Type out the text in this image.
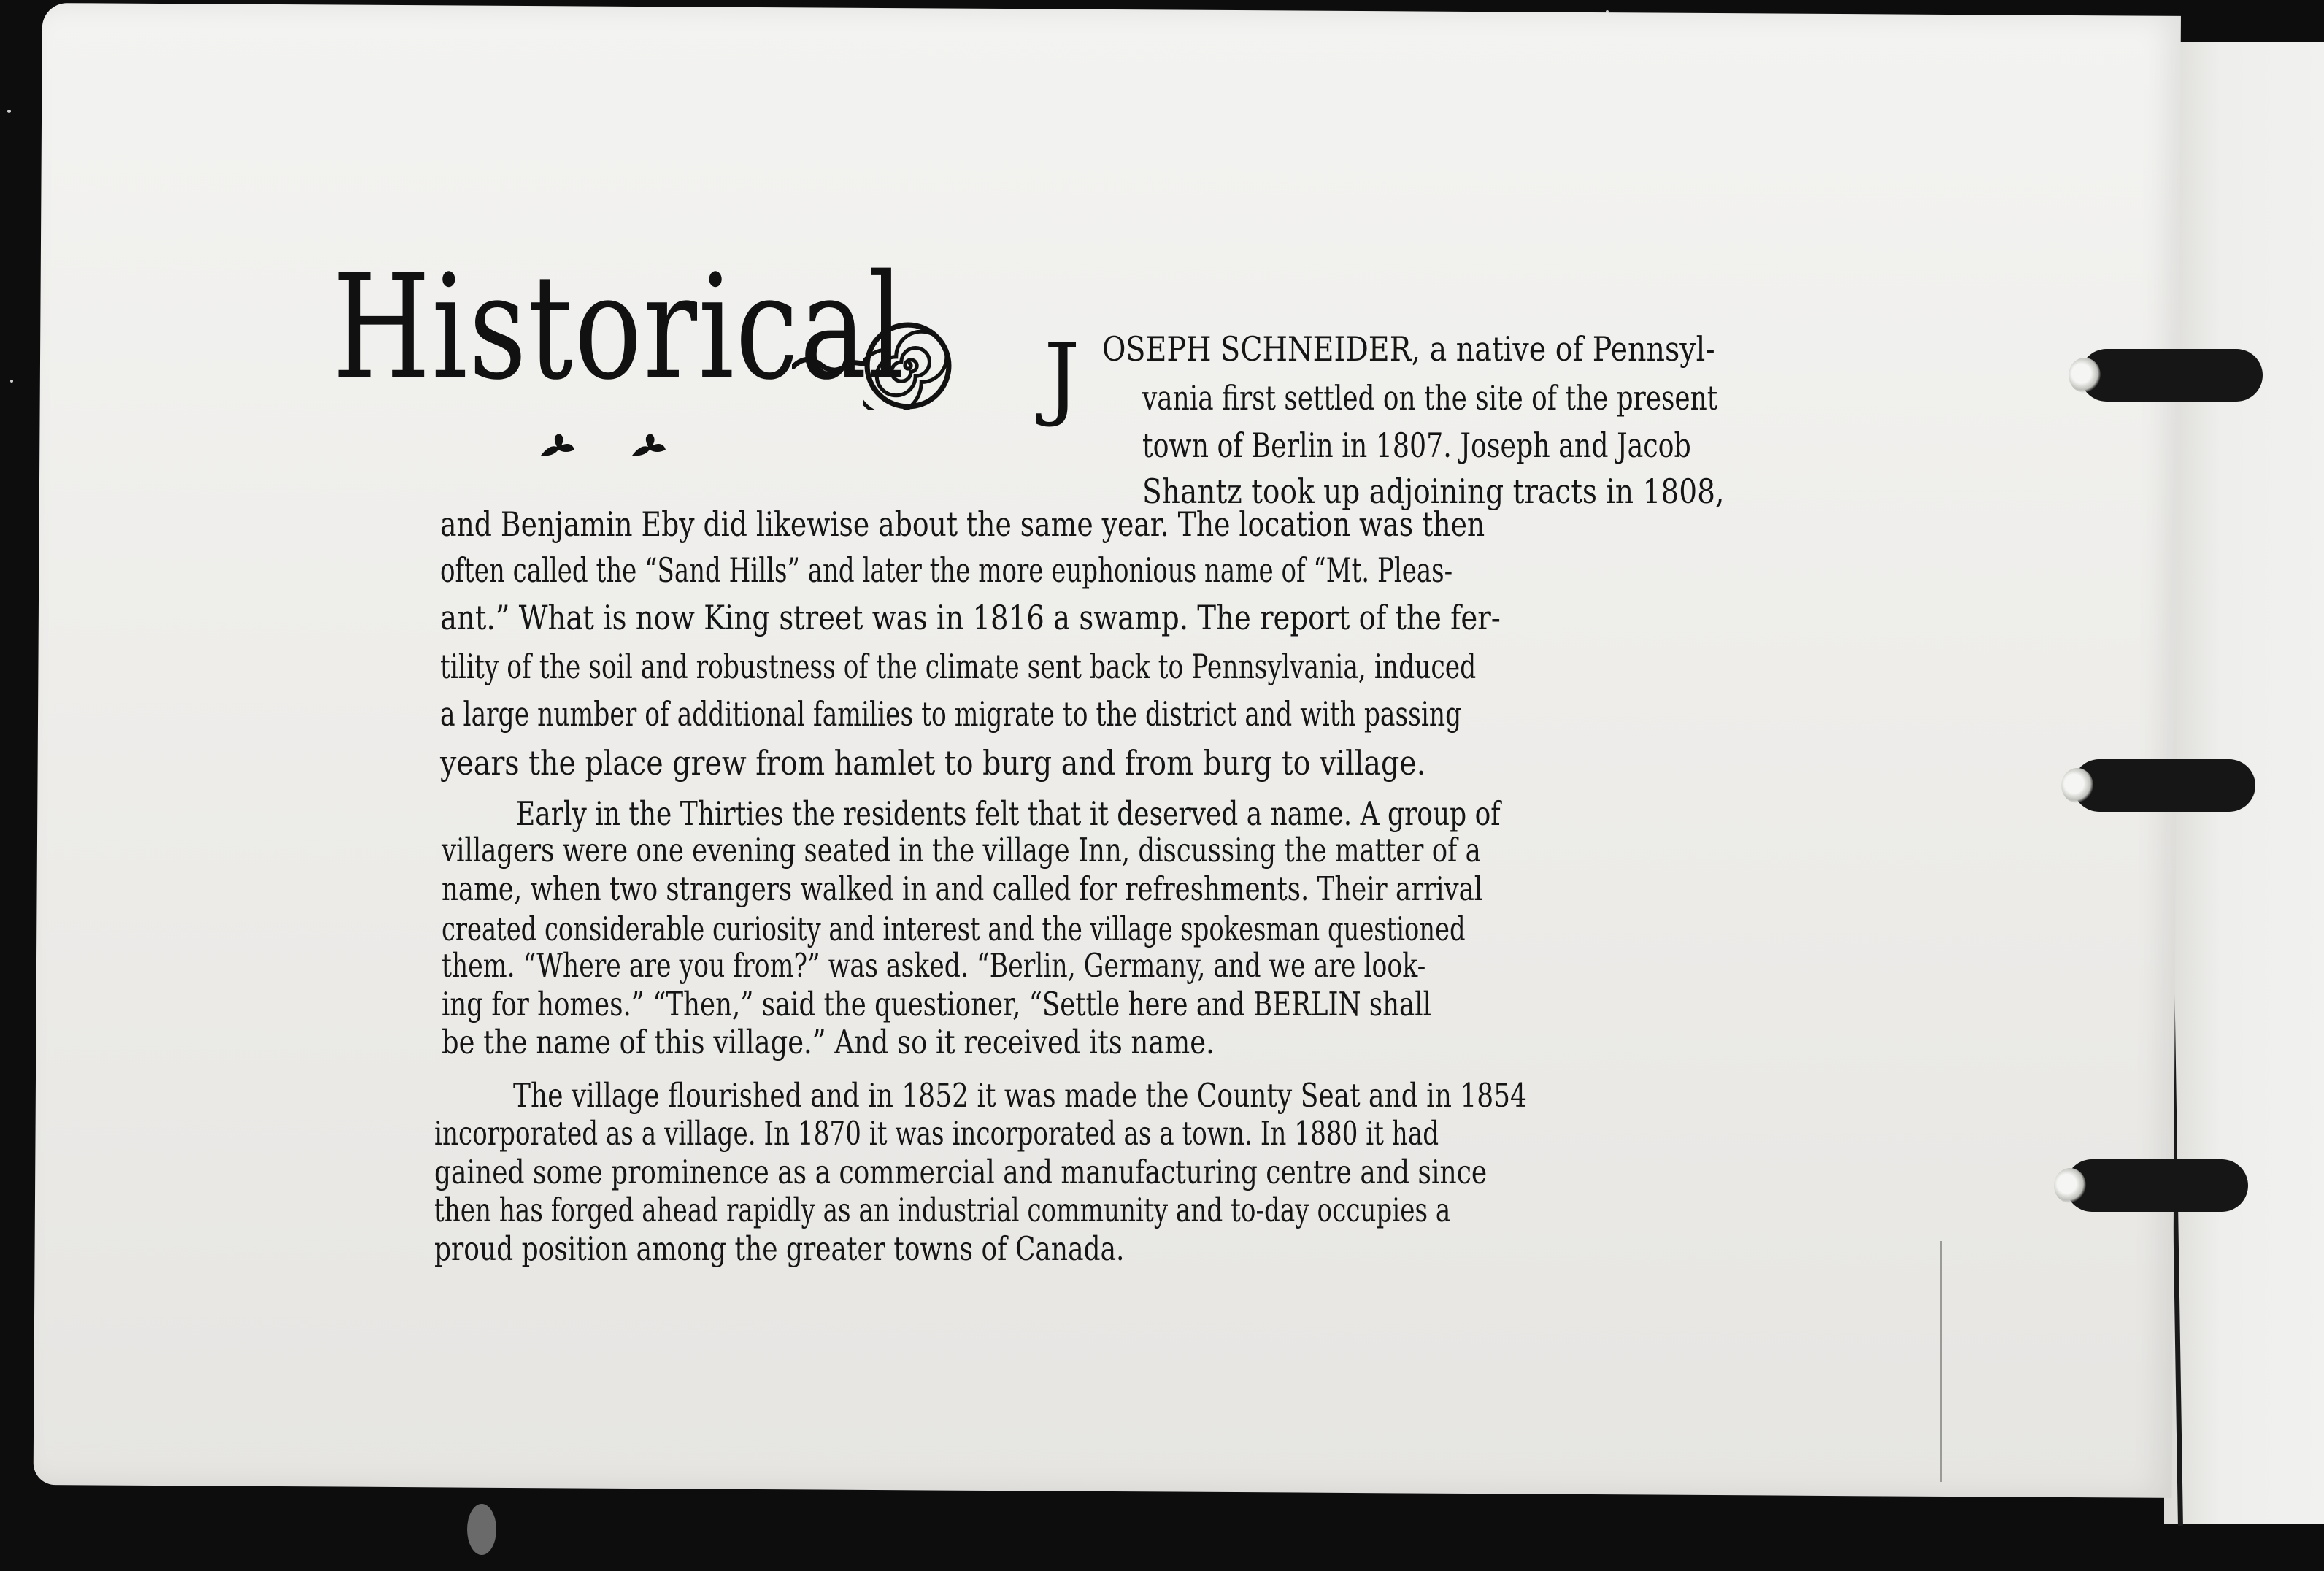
Historical J OSEPH SCHNEIDER, a native of Pennsyl-
vania first settled on the site of the present
town of Berlin in 1807. Joseph and Jacob
Shantz took up adjoining tracts in 1808,
and Benjamin Eby did likewise about the same year. The location was then
often called the “Sand Hills” and later the more euphonious name of “Mt. Pleas-
ant.” What is now King street was in 1816 a swamp. The report of the fer-
tility of the soil and robustness of the climate sent back to Pennsylvania, induced
a large number of additional families to migrate to the district and with passing
years the place grew from hamlet to burg and from burg to village.
Early in the Thirties the residents felt that it deserved a name. A group of
villagers were one evening seated in the village Inn, discussing the matter of a
name, when two strangers walked in and called for refreshments. Their arrival
created considerable curiosity and interest and the village spokesman questioned
them. “Where are you from?” was asked. “Berlin, Germany, and we are look-
ing for homes.” “Then,” said the questioner, “Settle here and BERLIN shall
be the name of this village.” And so it received its name.
The village flourished and in 1852 it was made the County Seat and in 1854
incorporated as a village. In 1870 it was incorporated as a town. In 1880 it had
gained some prominence as a commercial and manufacturing centre and since
then has forged ahead rapidly as an industrial community and to-day occupies a
proud position among the greater towns of Canada.
